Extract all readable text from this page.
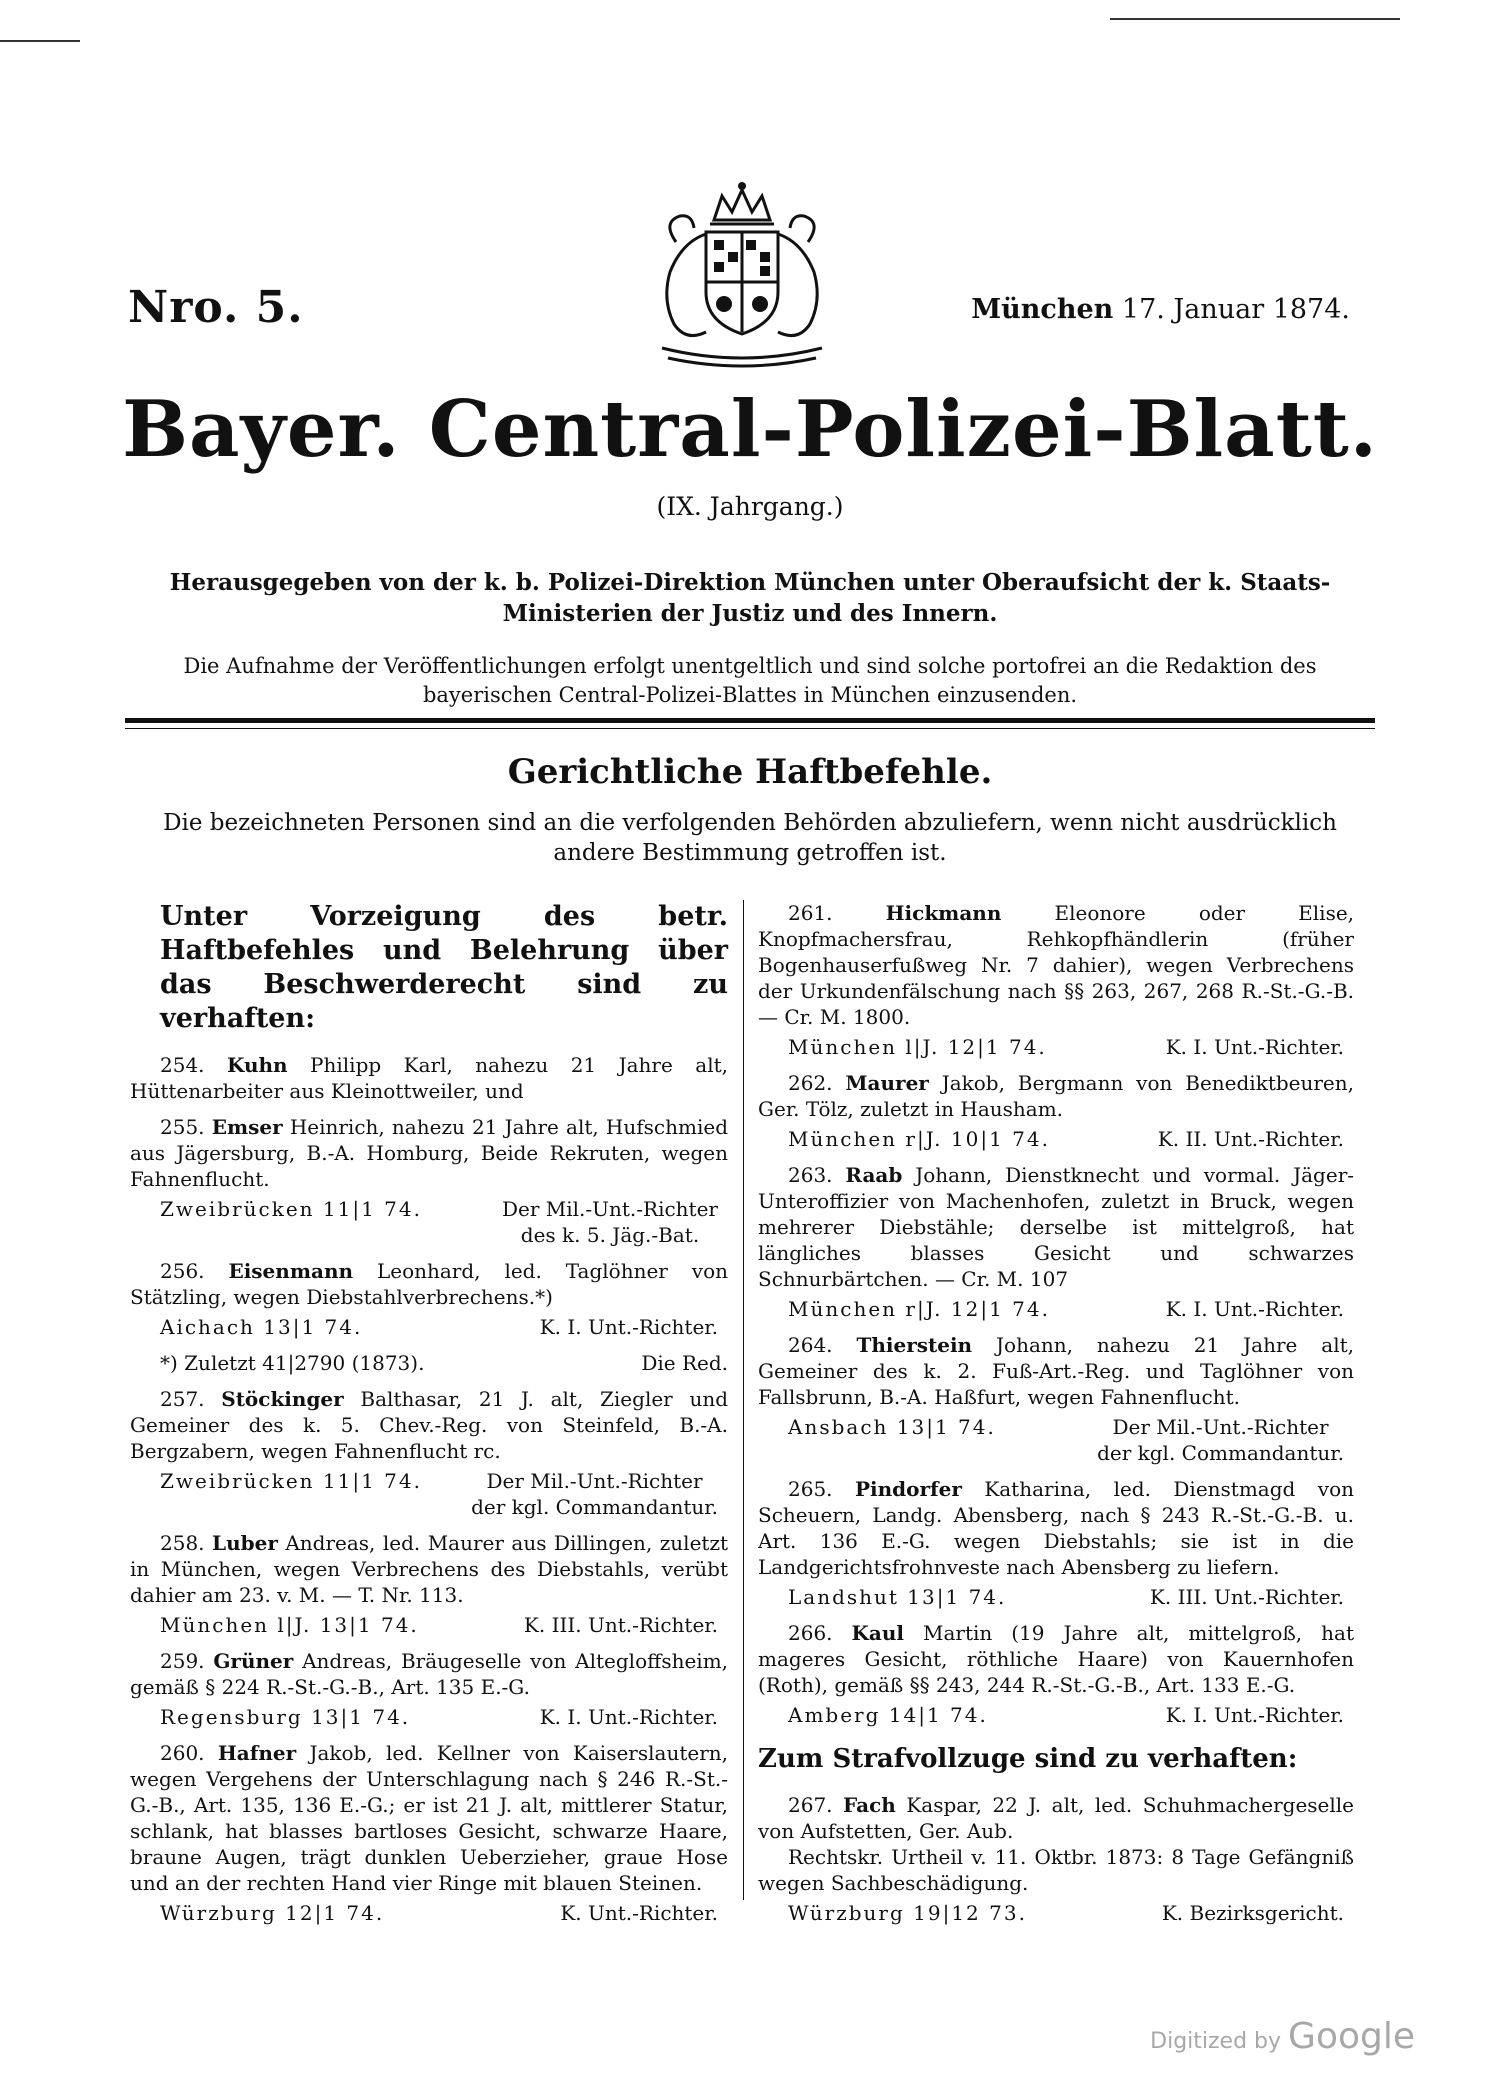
Nro. 5.	München 17. Januar 1874.
Bayer. Central-Polizei-Blatt.
(IX. Jahrgang.)
Herausgegeben von der k. b. Polizei-Direktion München unter Oberaufsicht der k. Staats-Ministerien der Justiz und des Innern.
Die Aufnahme der Veröffentlichungen erfolgt unentgeltlich und sind solche portofrei an die Redaktion des bayerischen Central-Polizei-Blattes in München einzusenden.
Gerichtliche Haftbefehle.
Die bezeichneten Personen sind an die verfolgenden Behörden abzuliefern, wenn nicht ausdrücklich andere Bestimmung getroffen ist.
Unter Vorzeigung des betr. Haftbefehles und Belehrung über das Beschwerderecht sind zu verhaften:

254. Kuhn Philipp Karl, nahezu 21 Jahre alt, Hüttenarbeiter aus Kleinottweiler, und

255. Emser Heinrich, nahezu 21 Jahre alt, Hufschmied aus Jägersburg, B.-A. Homburg, Beide Rekruten, wegen Fahnenflucht.

Zweibrücken 11|1 74.	Der Mil.-Unt.-Richter
des k. 5. Jäg.-Bat.

256. Eisenmann Leonhard, led. Taglöhner von Stätzling, wegen Diebstahlverbrechens.*)

Aichach 13|1 74.	K. I. Unt.-Richter.
*) Zuletzt 41|2790 (1873).	Die Red.

257. Stöckinger Balthasar, 21 J. alt, Ziegler und Gemeiner des k. 5. Chev.-Reg. von Steinfeld, B.-A. Bergzabern, wegen Fahnenflucht rc.

Zweibrücken 11|1 74.	Der Mil.-Unt.-Richter
der kgl. Commandantur.

258. Luber Andreas, led. Maurer aus Dillingen, zuletzt in München, wegen Verbrechens des Diebstahls, verübt dahier am 23. v. M. — T. Nr. 113.

München l|J. 13|1 74.	K. III. Unt.-Richter.

259. Grüner Andreas, Bräugeselle von Altegloffsheim, gemäß § 224 R.-St.-G.-B., Art. 135 E.-G.

Regensburg 13|1 74.	K. I. Unt.-Richter.

260. Hafner Jakob, led. Kellner von Kaiserslautern, wegen Vergehens der Unterschlagung nach § 246 R.-St.-G.-B., Art. 135, 136 E.-G.; er ist 21 J. alt, mittlerer Statur, schlank, hat blasses bartloses Gesicht, schwarze Haare, braune Augen, trägt dunklen Ueberzieher, graue Hose und an der rechten Hand vier Ringe mit blauen Steinen.

Würzburg 12|1 74.	K. Unt.-Richter.

261.	Hickmann	Eleonore oder Elise, Knopfmachersfrau, Rehkopfhändlerin (früher Bogenhauserfußweg Nr. 7 dahier), wegen Verbrechens der Urkundenfälschung nach §§ 263, 267, 268 R.-St.-G.-B. — Cr. M. 1800.

München l|J. 12|1 74.	K. I. Unt.-Richter.

262. Maurer Jakob, Bergmann von Benediktbeuren, Ger. Tölz, zuletzt in Hausham.

München r|J. 10|1 74.	K. II. Unt.-Richter.

263. Raab Johann, Dienstknecht und vormal. Jäger-Unteroffizier von Machenhofen, zuletzt in Bruck, wegen mehrerer Diebstähle; derselbe ist mittelgroß, hat längliches blasses Gesicht und schwarzes Schnurbärtchen. — Cr. M. 107

München r|J. 12|1 74.	K. I. Unt.-Richter.

264. Thierstein Johann, nahezu 21 Jahre alt, Gemeiner des k. 2. Fuß-Art.-Reg. und Taglöhner von Fallsbrunn, B.-A. Haßfurt, wegen Fahnenflucht.

Ansbach 13|1 74.	Der Mil.-Unt.-Richter
der kgl. Commandantur.

265. Pindorfer Katharina, led. Dienstmagd von Scheuern, Landg. Abensberg, nach § 243 R.-St.-G.-B. u. Art. 136 E.-G. wegen Diebstahls; sie ist in die Landgerichtsfrohnveste nach Abensberg zu liefern.

Landshut 13|1 74.	K. III. Unt.-Richter.

266. Kaul Martin (19 Jahre alt, mittelgroß, hat mageres Gesicht, röthliche Haare) von Kauernhofen (Roth), gemäß §§ 243, 244 R.-St.-G.-B., Art. 133 E.-G.

Amberg 14|1 74.	K. I. Unt.-Richter.
Zum Strafvollzuge sind zu verhaften:

267. Fach Kaspar, 22 J. alt, led. Schuhmachergeselle von Aufstetten, Ger. Aub.

Rechtskr. Urtheil v. 11. Oktbr. 1873: 8 Tage Gefängniß wegen Sachbeschädigung.

Würzburg 19|12 73.	K. Bezirksgericht.
Digitized by Google
